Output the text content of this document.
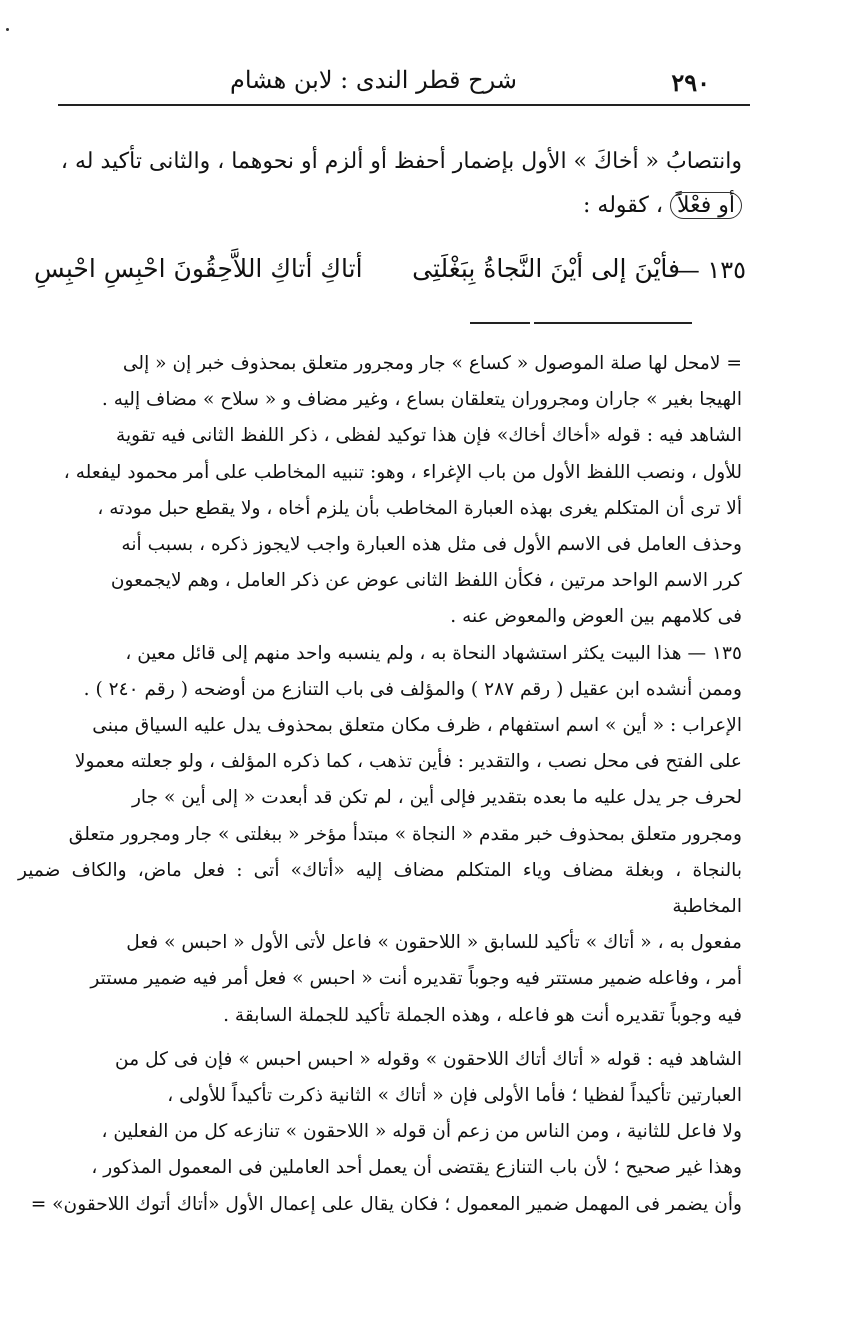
٢٩٠
شرح قطر الندى : لابن هشام

وانتصابُ « أخاكَ » الأول بإضمار أحفظ أو ألزم أو نحوهما ، والثانى تأكيد له ،

أو فعْلاً ، كقوله :

١٣٥ —
فأيْنَ إلى أيْنَ النَّجاةُ بِبَغْلَتِى
أتاكِ أتاكِ اللاَّحِقُونَ احْبِسِ احْبِسِ

= لامحل لها صلة الموصول « كساع » جار ومجرور متعلق بمحذوف خبر إن « إلى

الهيجا بغير » جاران ومجروران يتعلقان بساع ، وغير مضاف و « سلاح » مضاف إليه .

الشاهد فيه : قوله «أخاك أخاك» فإن هذا توكيد لفظى ، ذكر اللفظ الثانى فيه تقوية

للأول ، ونصب اللفظ الأول من باب الإغراء ، وهو: تنبيه المخاطب على أمر محمود ليفعله ،

ألا ترى أن المتكلم يغرى بهذه العبارة المخاطب بأن يلزم أخاه ، ولا يقطع حبل مودته ،

وحذف العامل فى الاسم الأول فى مثل هذه العبارة واجب لايجوز ذكره ، بسبب أنه

كرر الاسم الواحد مرتين ، فكأن اللفظ الثانى عوض عن ذكر العامل ، وهم لايجمعون

فى كلامهم بين العوض والمعوض عنه .

١٣٥ — هذا البيت يكثر استشهاد النحاة به ، ولم ينسبه واحد منهم إلى قائل معين ،

وممن أنشده ابن عقيل ( رقم ٢٨٧ ) والمؤلف فى باب التنازع من أوضحه ( رقم ٢٤٠ ) .

الإعراب : « أين » اسم استفهام ، ظرف مكان متعلق بمحذوف يدل عليه السياق مبنى

على الفتح فى محل نصب ، والتقدير : فأين تذهب ، كما ذكره المؤلف ، ولو جعلته معمولا

لحرف جر يدل عليه ما بعده بتقدير فإلى أين ، لم تكن قد أبعدت « إلى أين » جار

ومجرور متعلق بمحذوف خبر مقدم « النجاة » مبتدأ مؤخر « ببغلتى » جار ومجرور متعلق

بالنجاة ، وبغلة مضاف وياء المتكلم مضاف إليه «أتاك» أتى : فعل ماض، والكاف ضمير المخاطبة

مفعول به ، « أتاك » تأكيد للسابق « اللاحقون » فاعل لأتى الأول « احبس » فعل

أمر ، وفاعله ضمير مستتر فيه وجوباً تقديره أنت « احبس » فعل أمر فيه ضمير مستتر

فيه وجوباً تقديره أنت هو فاعله ، وهذه الجملة تأكيد للجملة السابقة .

الشاهد فيه : قوله « أتاك أتاك اللاحقون » وقوله « احبس احبس » فإن فى كل من

العبارتين تأكيداً لفظيا ؛ فأما الأولى فإن « أتاك » الثانية ذكرت تأكيداً للأولى ،

ولا فاعل للثانية ، ومن الناس من زعم أن قوله « اللاحقون » تنازعه كل من الفعلين ،

وهذا غير صحيح ؛ لأن باب التنازع يقتضى أن يعمل أحد العاملين فى المعمول المذكور ،

وأن يضمر فى المهمل ضمير المعمول ؛ فكان يقال على إعمال الأول «أتاك أتوك اللاحقون» =
